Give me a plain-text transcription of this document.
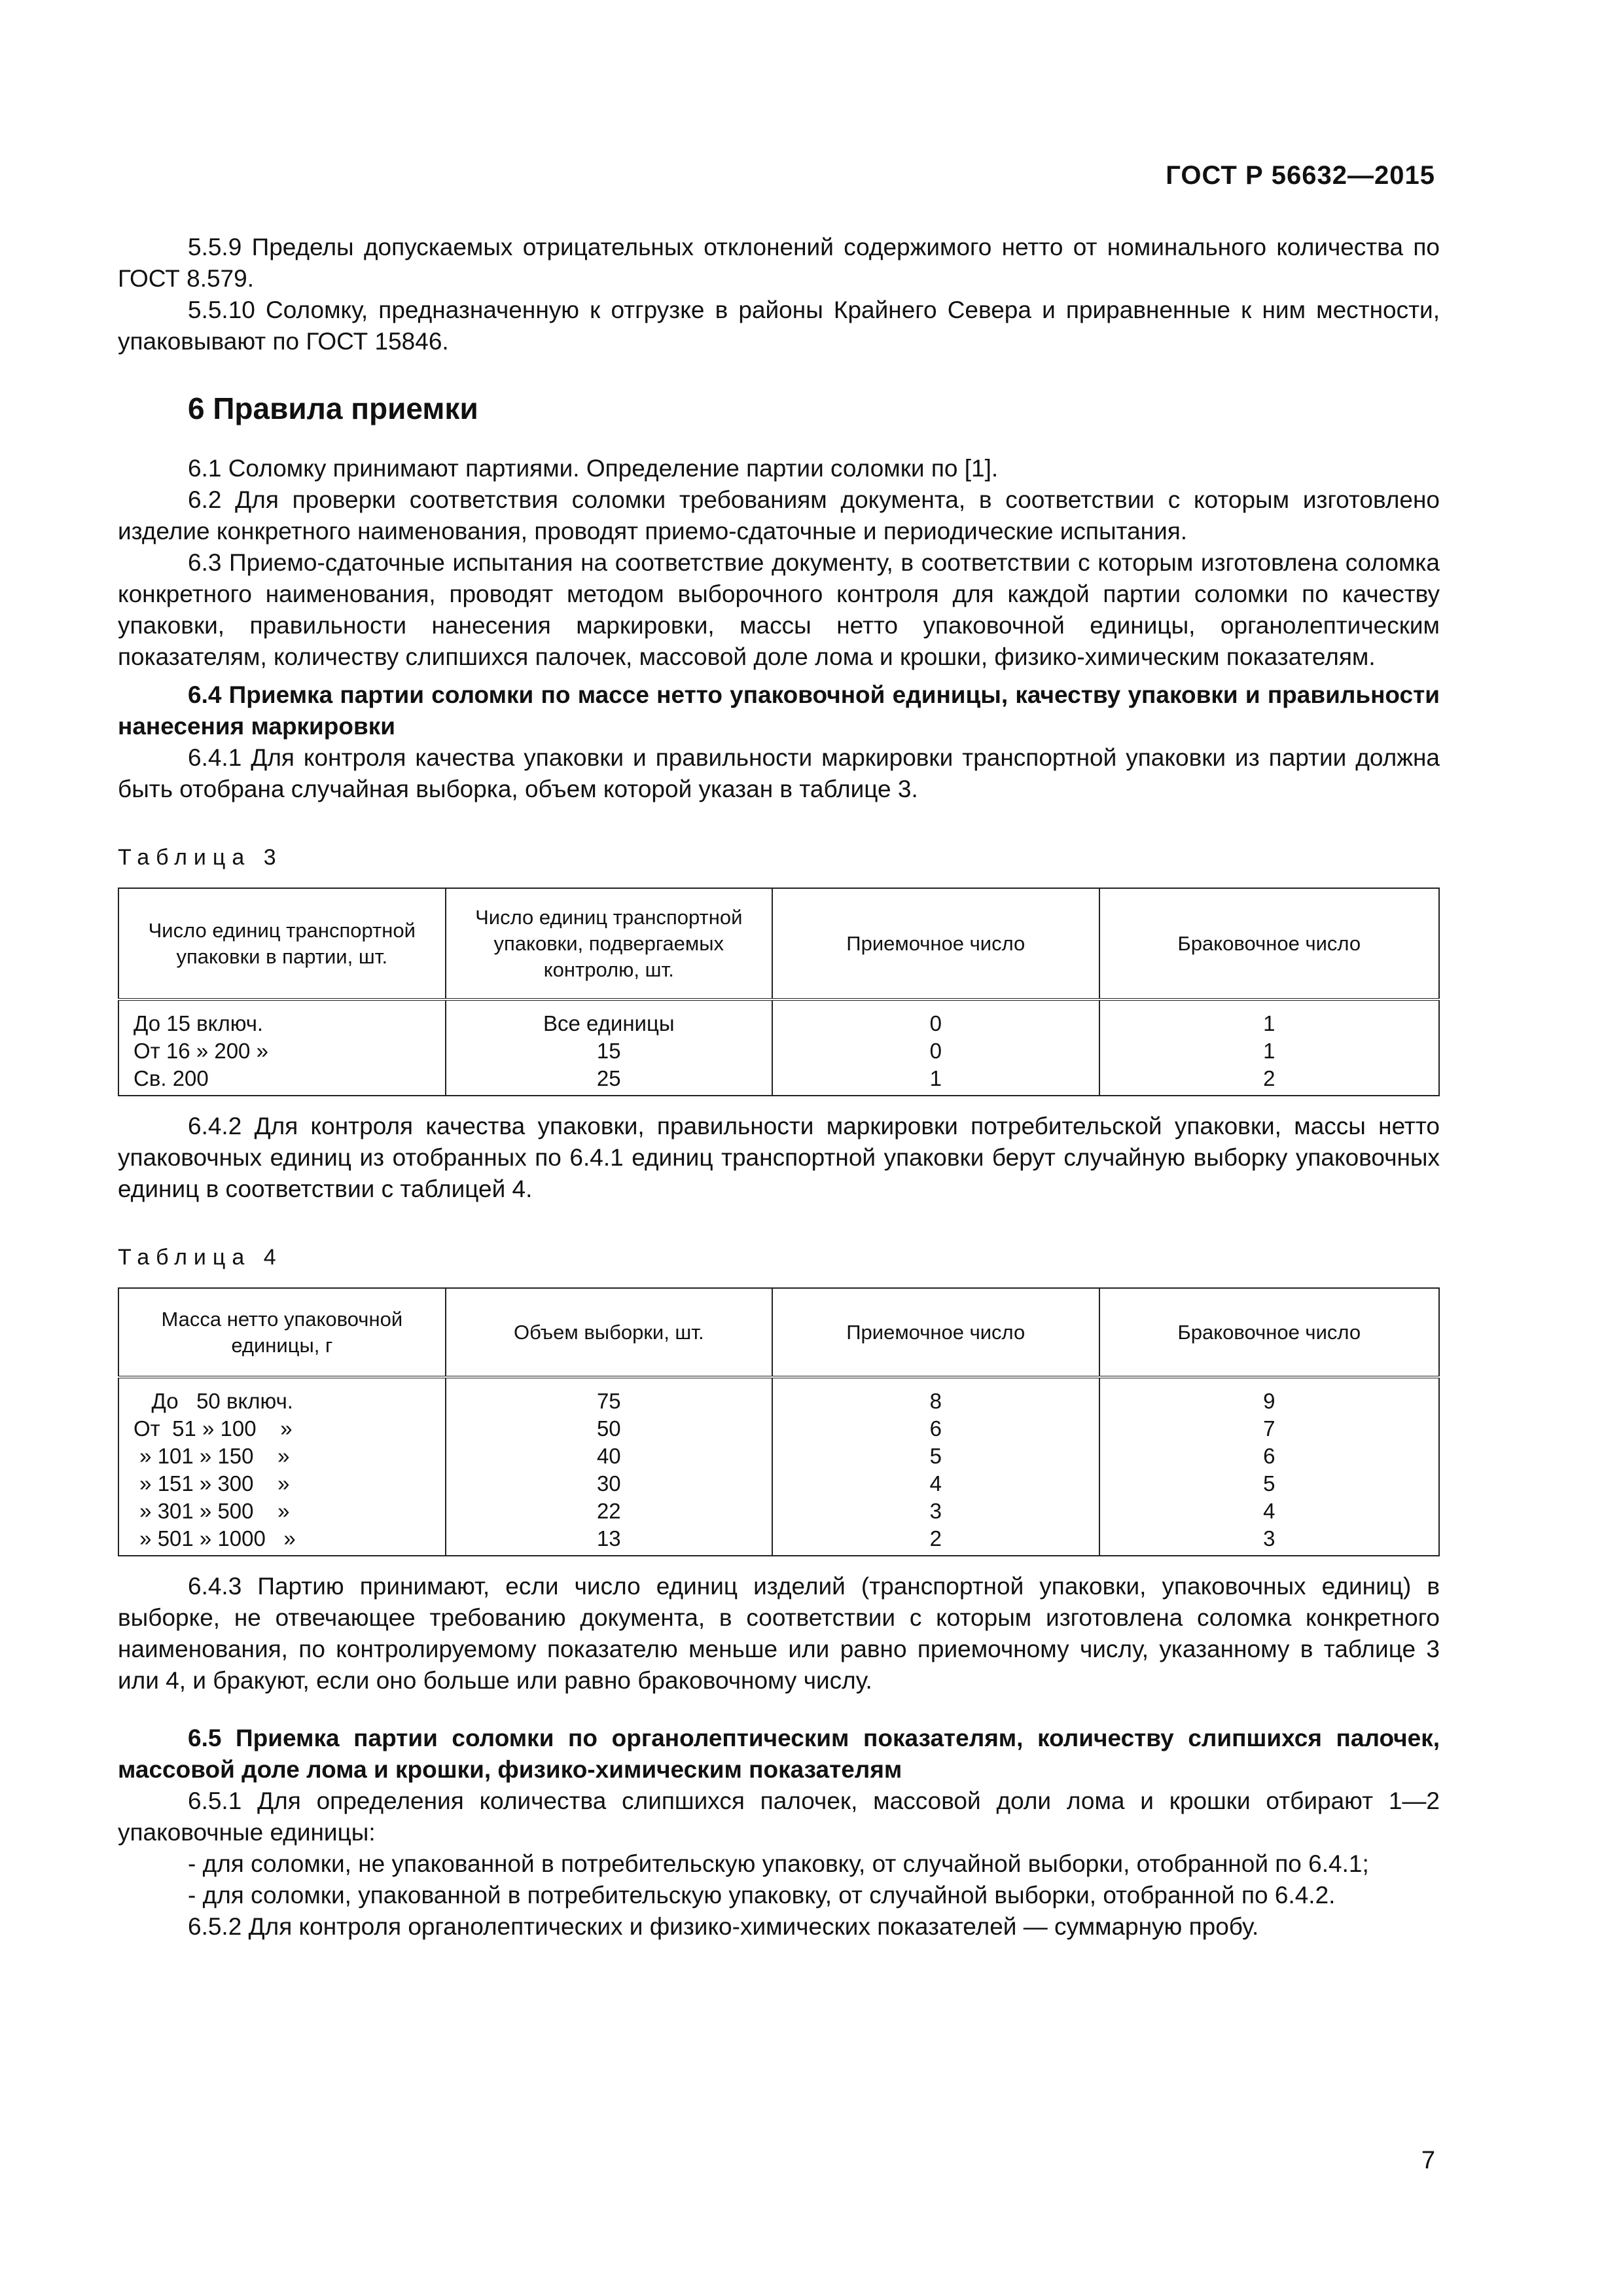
ГОСТ Р 56632—2015

5.5.9 Пределы допускаемых отрицательных отклонений содержимого нетто от номинального количества по ГОСТ 8.579.

5.5.10 Соломку, предназначенную к отгрузке в районы Крайнего Севера и приравненные к ним местности, упаковывают по ГОСТ 15846.

6 Правила приемки

6.1 Соломку принимают партиями. Определение партии соломки по [1].

6.2 Для проверки соответствия соломки требованиям документа, в соответствии с которым изготовлено изделие конкретного наименования, проводят приемо-сдаточные и периодические испытания.

6.3 Приемо-сдаточные испытания на соответствие документу, в соответствии с которым изготовлена соломка конкретного наименования, проводят методом выборочного контроля для каждой партии соломки по качеству упаковки, правильности нанесения маркировки, массы нетто упаковочной единицы, органолептическим показателям, количеству слипшихся палочек, массовой доле лома и крошки, физико-химическим показателям.

6.4 Приемка партии соломки по массе нетто упаковочной единицы, качеству упаковки и правильности нанесения маркировки

6.4.1 Для контроля качества упаковки и правильности маркировки транспортной упаковки из партии должна быть отобрана случайная выборка, объем которой указан в таблице 3.

Таблица 3
Число единиц транспортной упаковки в партии, шт.	Число единиц транспортной упаковки, подвергаемых контролю, шт.	Приемочное число	Браковочное число
До 15 включ.	Все единицы	0	1
От 16 » 200 »	15	0	1
Св. 200	25	1	2

6.4.2 Для контроля качества упаковки, правильности маркировки потребительской упаковки, массы нетто упаковочных единиц из отобранных по 6.4.1 единиц транспортной упаковки берут случайную выборку упаковочных единиц в соответствии с таблицей 4.

Таблица 4
Масса нетто упаковочной единицы, г	Объем выборки, шт.	Приемочное число	Браковочное число
До   50 включ.	75	8	9
От  51 » 100    »	50	6	7
» 101 » 150    »	40	5	6
» 151 » 300    »	30	4	5
» 301 » 500    »	22	3	4
» 501 » 1000   »	13	2	3

6.4.3 Партию принимают, если число единиц изделий (транспортной упаковки, упаковочных единиц) в выборке, не отвечающее требованию документа, в соответствии с которым изготовлена соломка конкретного наименования, по контролируемому показателю меньше или равно приемочному числу, указанному в таблице 3 или 4, и бракуют, если оно больше или равно браковочному числу.

6.5 Приемка партии соломки по органолептическим показателям, количеству слипшихся палочек, массовой доле лома и крошки, физико-химическим показателям

6.5.1 Для определения количества слипшихся палочек, массовой доли лома и крошки отбирают 1—2 упаковочные единицы:

- для соломки, не упакованной в потребительскую упаковку, от случайной выборки, отобранной по 6.4.1;

- для соломки, упакованной в потребительскую упаковку, от случайной выборки, отобранной по 6.4.2.

6.5.2 Для контроля органолептических и физико-химических показателей — суммарную пробу.

7
